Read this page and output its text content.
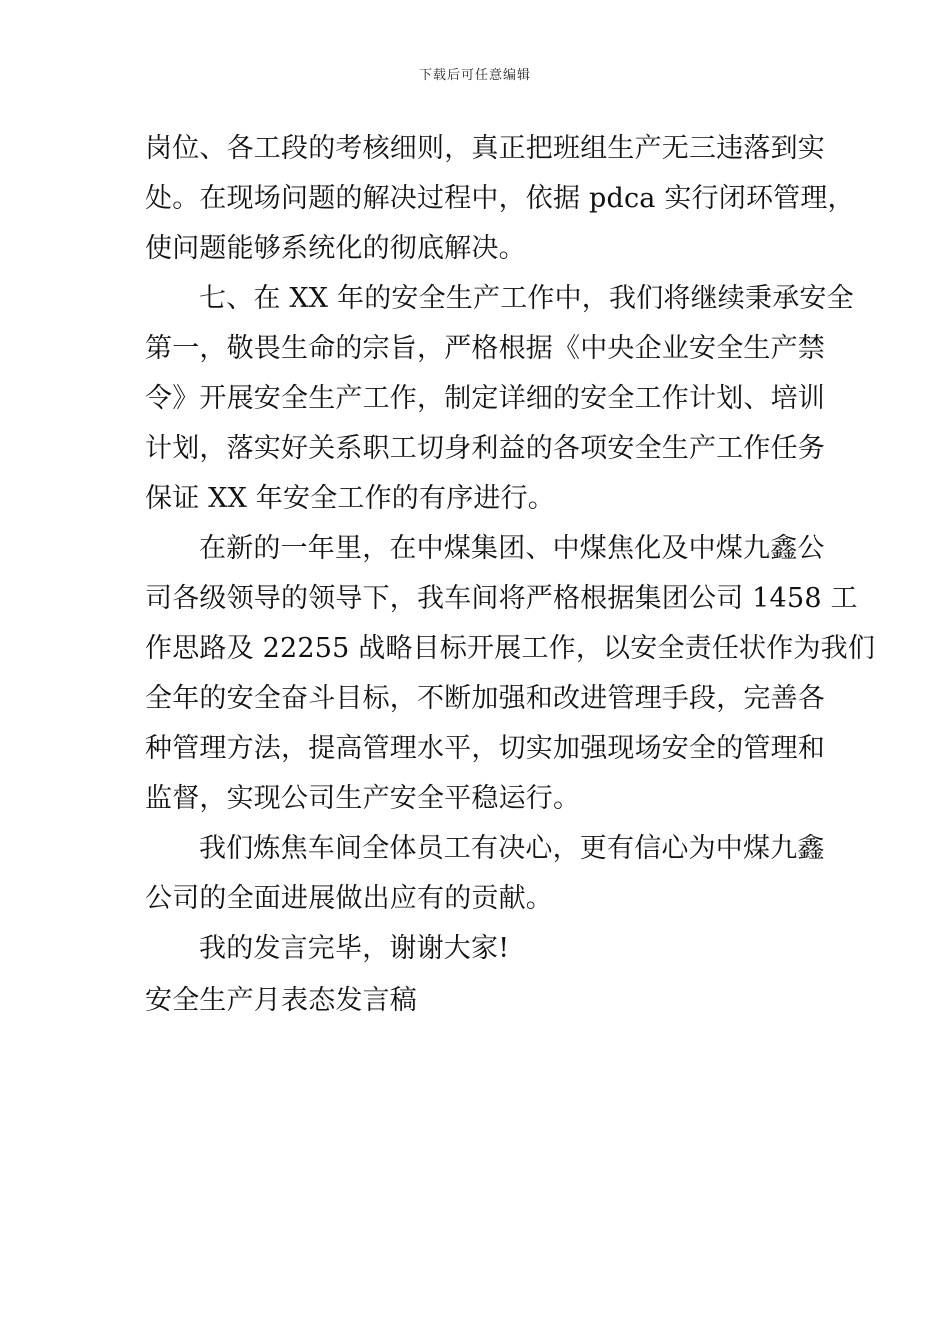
下载后可任意编辑
岗位、各工段的考核细则，真正把班组生产无三违落到实
处。在现场问题的解决过程中，依据 pdca 实行闭环管理，
使问题能够系统化的彻底解决。
七、在 XX 年的安全生产工作中，我们将继续秉承安全
第一，敬畏生命的宗旨，严格根据《中央企业安全生产禁
令》开展安全生产工作，制定详细的安全工作计划、培训
计划，落实好关系职工切身利益的各项安全生产工作任务
保证 XX 年安全工作的有序进行。
在新的一年里，在中煤集团、中煤焦化及中煤九鑫公
司各级领导的领导下，我车间将严格根据集团公司 1458 工
作思路及 22255 战略目标开展工作，以安全责任状作为我们
全年的安全奋斗目标，不断加强和改进管理手段，完善各
种管理方法，提高管理水平，切实加强现场安全的管理和
监督，实现公司生产安全平稳运行。
我们炼焦车间全体员工有决心，更有信心为中煤九鑫
公司的全面进展做出应有的贡献。
我的发言完毕，谢谢大家!
安全生产月表态发言稿
